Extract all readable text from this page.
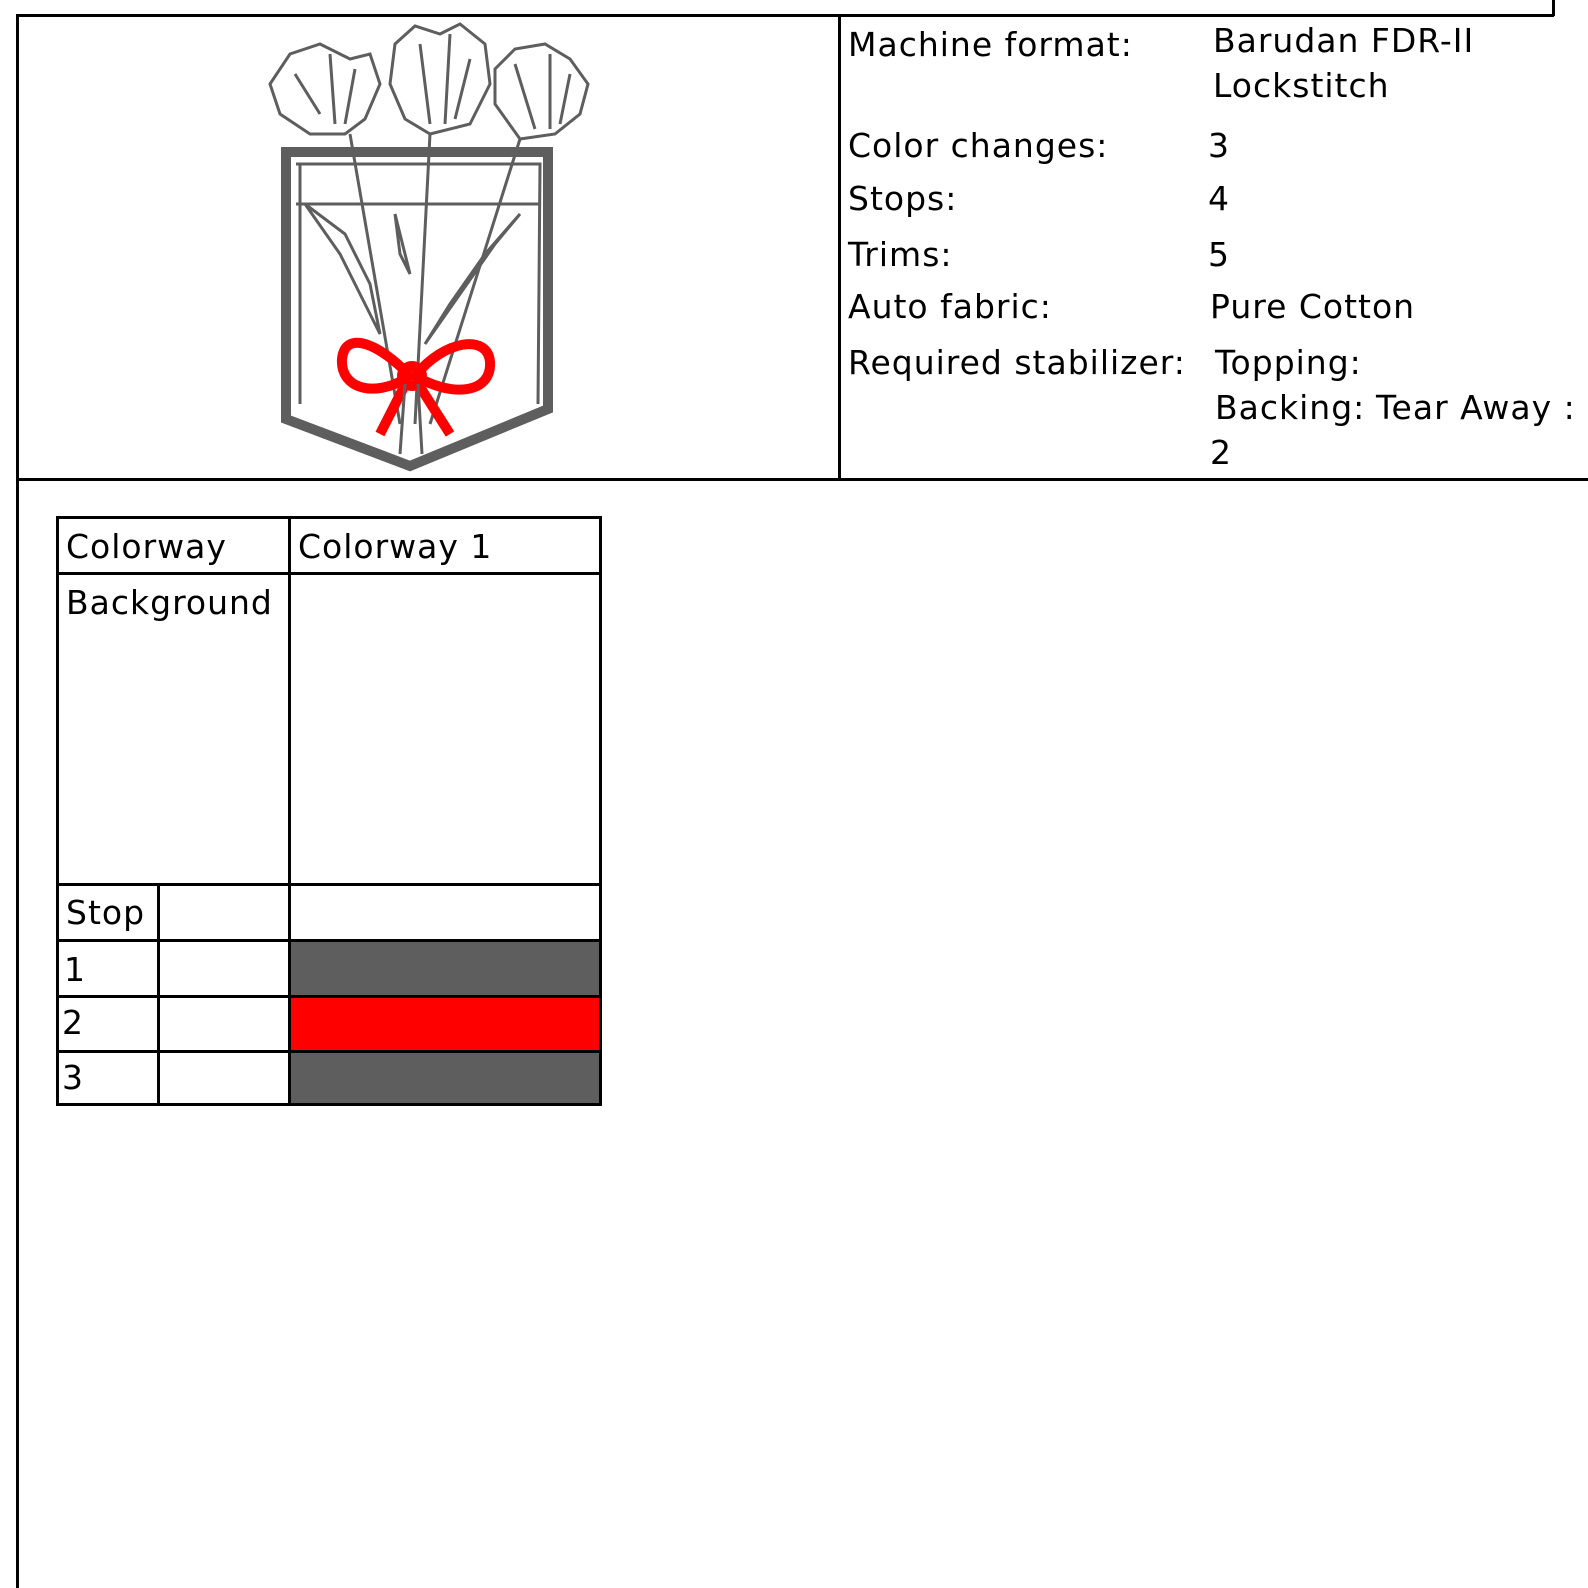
Machine format: Barudan FDR-II
Lockstitch
Color changes:	3
Stops:	4
Trims:	5
Auto fabric:	Pure Cotton
Required stabilizer: Topping:
Backing: Tear Away :
2
Colorway Colorway 1
Background
Stop
1
2
3
